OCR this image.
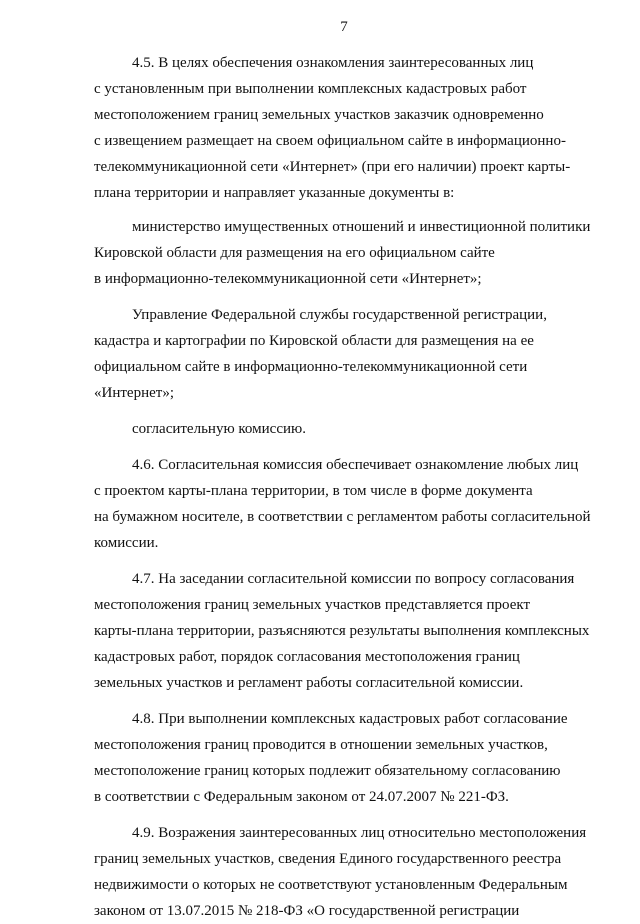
7

4.5. В целях обеспечения ознакомления заинтересованных лиц
с установленным при выполнении комплексных кадастровых работ
местоположением границ земельных участков заказчик одновременно
с извещением размещает на своем официальном сайте в информационно-
телекоммуникационной сети «Интернет» (при его наличии) проект карты-
плана территории и направляет указанные документы в:

министерство имущественных отношений и инвестиционной политики
Кировской области для размещения на его официальном сайте
в информационно-телекоммуникационной сети «Интернет»;

Управление Федеральной службы государственной регистрации,
кадастра и картографии по Кировской области для размещения на ее
официальном сайте в информационно-телекоммуникационной сети
«Интернет»;

согласительную комиссию.

4.6. Согласительная комиссия обеспечивает ознакомление любых лиц
с проектом карты-плана территории, в том числе в форме документа
на бумажном носителе, в соответствии с регламентом работы согласительной
комиссии.

4.7. На заседании согласительной комиссии по вопросу согласования
местоположения границ земельных участков представляется проект
карты-плана территории, разъясняются результаты выполнения комплексных
кадастровых работ, порядок согласования местоположения границ
земельных участков и регламент работы согласительной комиссии.

4.8. При выполнении комплексных кадастровых работ согласование
местоположения границ проводится в отношении земельных участков,
местоположение границ которых подлежит обязательному согласованию
в соответствии с Федеральным законом от 24.07.2007 № 221-ФЗ.

4.9. Возражения заинтересованных лиц относительно местоположения
границ земельных участков, сведения Единого государственного реестра
недвижимости о которых не соответствуют установленным Федеральным
законом от 13.07.2015 № 218-ФЗ «О государственной регистрации
